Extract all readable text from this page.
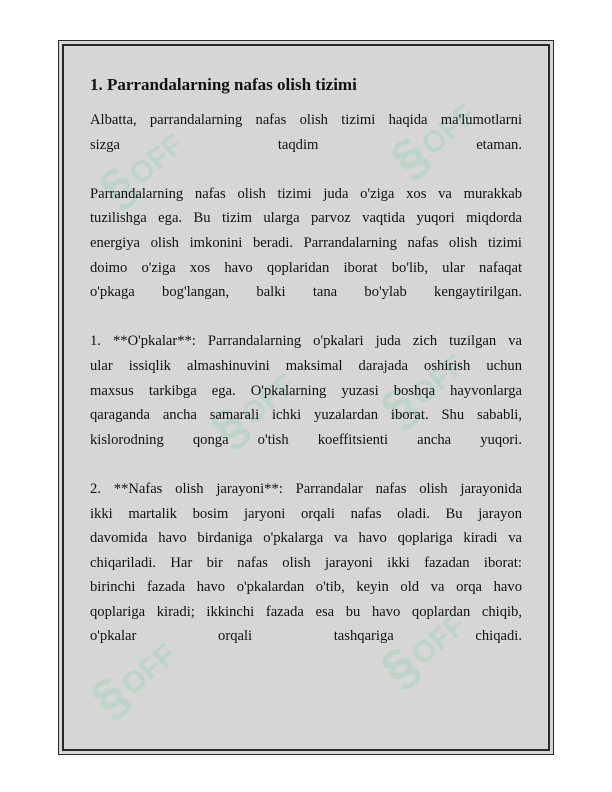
1. Parrandalarning nafas olish tizimi

Albatta, parrandalarning nafas olish tizimi haqida ma'lumotlarni

sizga taqdim etaman.

Parrandalarning nafas olish tizimi juda o'ziga xos va murakkab

tuzilishga ega. Bu tizim ularga parvoz vaqtida yuqori miqdorda

energiya olish imkonini beradi. Parrandalarning nafas olish tizimi

doimo o'ziga xos havo qoplaridan iborat bo'lib, ular nafaqat

o'pkaga bog'langan, balki tana bo'ylab kengaytirilgan.

1. **O'pkalar**: Parrandalarning o'pkalari juda zich tuzilgan va

ular issiqlik almashinuvini maksimal darajada oshirish uchun

maxsus tarkibga ega. O'pkalarning yuzasi boshqa hayvonlarga

qaraganda ancha samarali ichki yuzalardan iborat. Shu sababli,

kislorodning qonga o'tish koeffitsienti ancha yuqori.

2. **Nafas olish jarayoni**: Parrandalar nafas olish jarayonida

ikki martalik bosim jaryoni orqali nafas oladi. Bu jarayon

davomida havo birdaniga o'pkalarga va havo qoplariga kiradi va

chiqariladi. Har bir nafas olish jarayoni ikki fazadan iborat:

birinchi fazada havo o'pkalardan o'tib, keyin old va orqa havo

qoplariga kiradi; ikkinchi fazada esa bu havo qoplardan chiqib,

o'pkalar orqali tashqariga chiqadi.
